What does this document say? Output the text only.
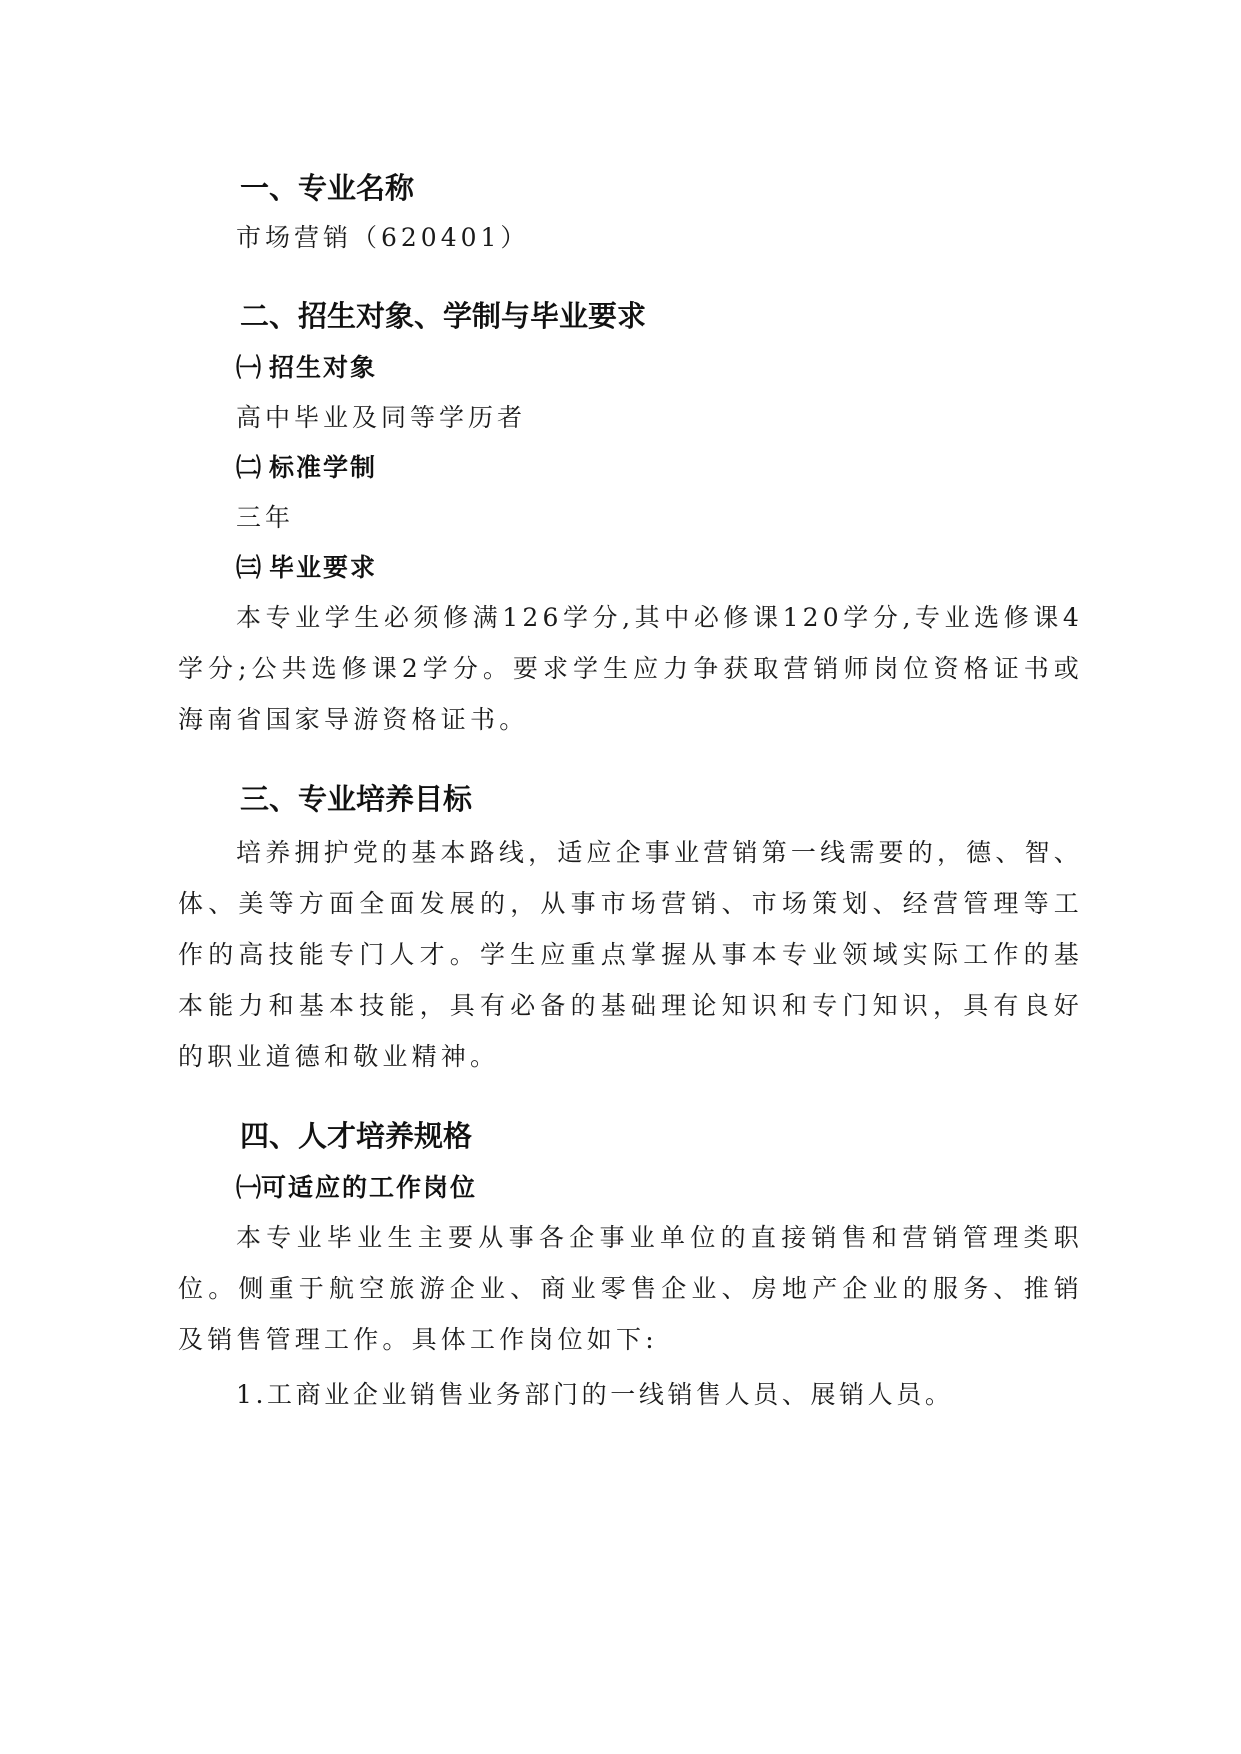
一、专业名称

市场营销（620401）

二、招生对象、学制与毕业要求
㈠ 招生对象

高中毕业及同等学历者

㈡ 标准学制

三年

㈢ 毕业要求

本专业学生必须修满126学分,其中必修课120学分,专业选修课4学分;公共选修课2学分。要求学生应力争获取营销师岗位资格证书或海南省国家导游资格证书。

三、专业培养目标

培养拥护党的基本路线，适应企事业营销第一线需要的，德、智、体、美等方面全面发展的，从事市场营销、市场策划、经营管理等工作的高技能专门人才。学生应重点掌握从事本专业领域实际工作的基本能力和基本技能，具有必备的基础理论知识和专门知识，具有良好的职业道德和敬业精神。

四、人才培养规格
㈠可适应的工作岗位

本专业毕业生主要从事各企事业单位的直接销售和营销管理类职位。侧重于航空旅游企业、商业零售企业、房地产企业的服务、推销及销售管理工作。具体工作岗位如下:

1.工商业企业销售业务部门的一线销售人员、展销人员。
